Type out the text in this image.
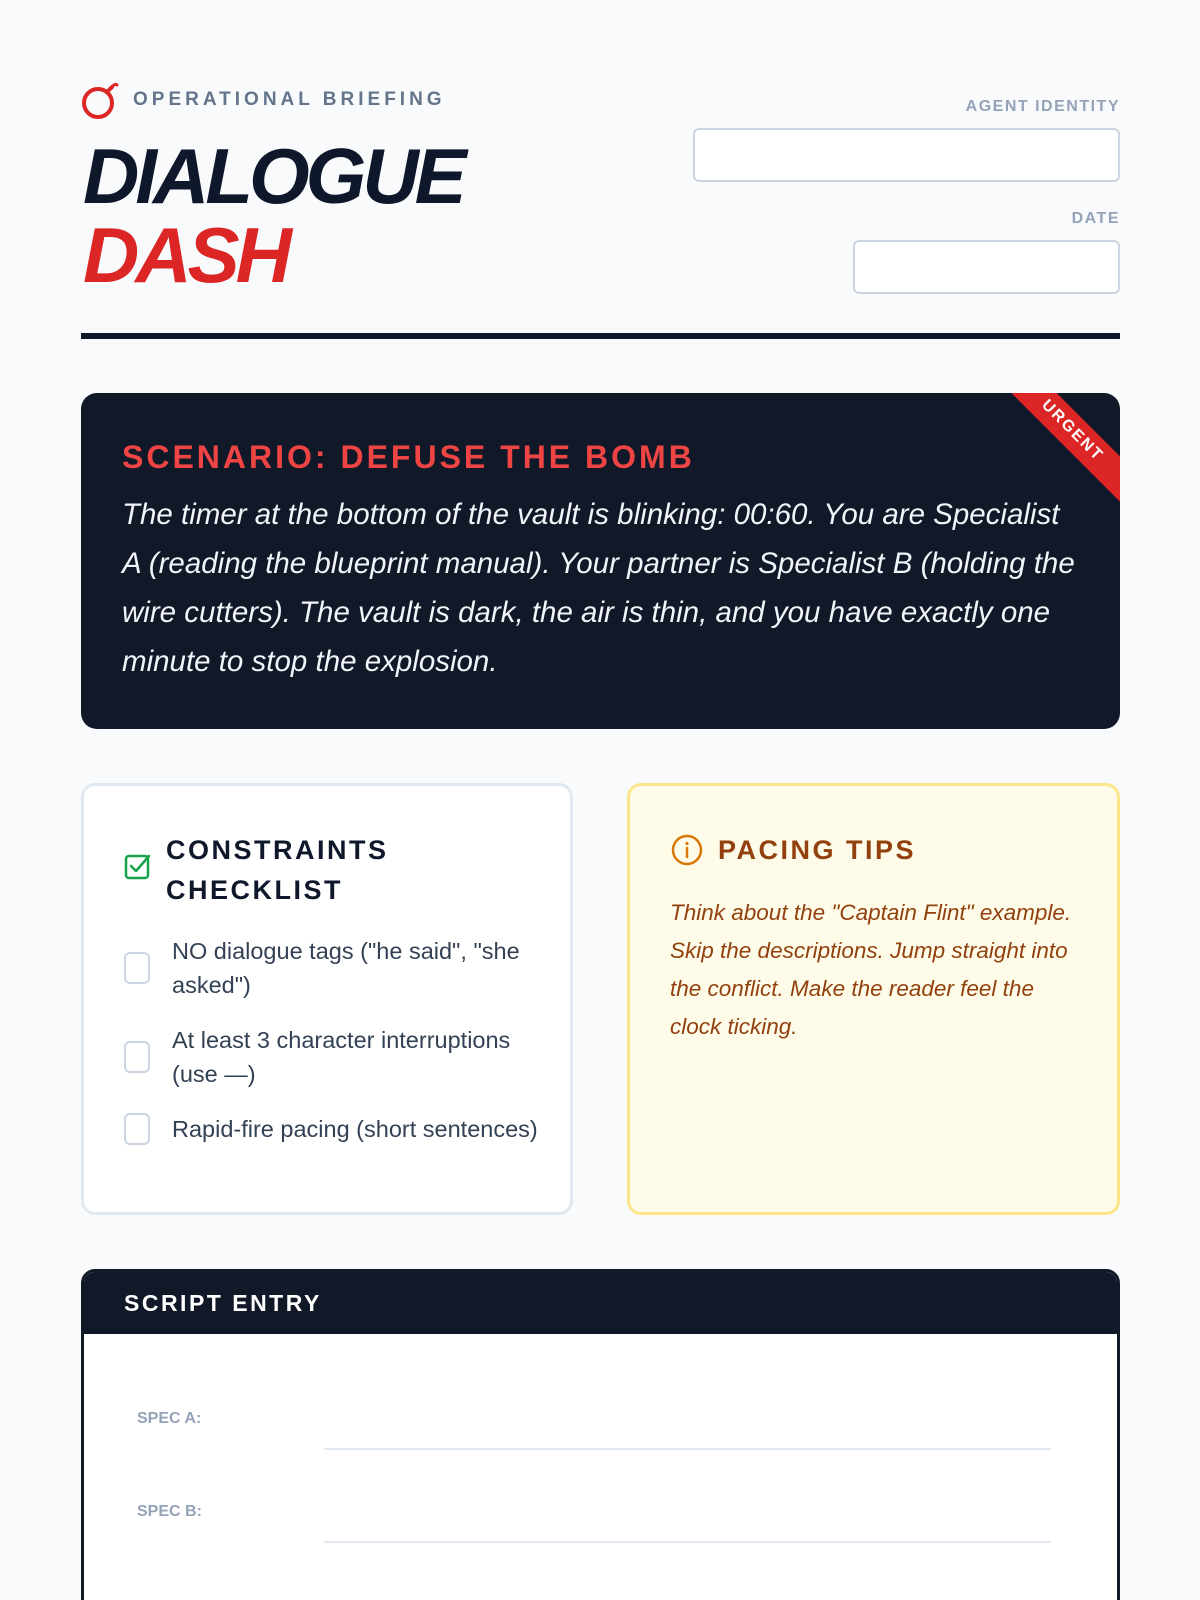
OPERATIONAL BRIEFING
DIALOGUE
DASH
AGENT IDENTITY
DATE
SCENARIO: DEFUSE THE BOMB
The timer at the bottom of the vault is blinking: 00:60. You are Specialist A (reading the blueprint manual). Your partner is Specialist B (holding the wire cutters). The vault is dark, the air is thin, and you have exactly one minute to stop the explosion.
URGENT
CONSTRAINTS CHECKLIST
NO dialogue tags ("he said", "she asked")
At least 3 character interruptions (use —)
Rapid-fire pacing (short sentences)
PACING TIPS
Think about the "Captain Flint" example. Skip the descriptions. Jump straight into the conflict. Make the reader feel the clock ticking.
SCRIPT ENTRY
SPEC A:
SPEC B:
